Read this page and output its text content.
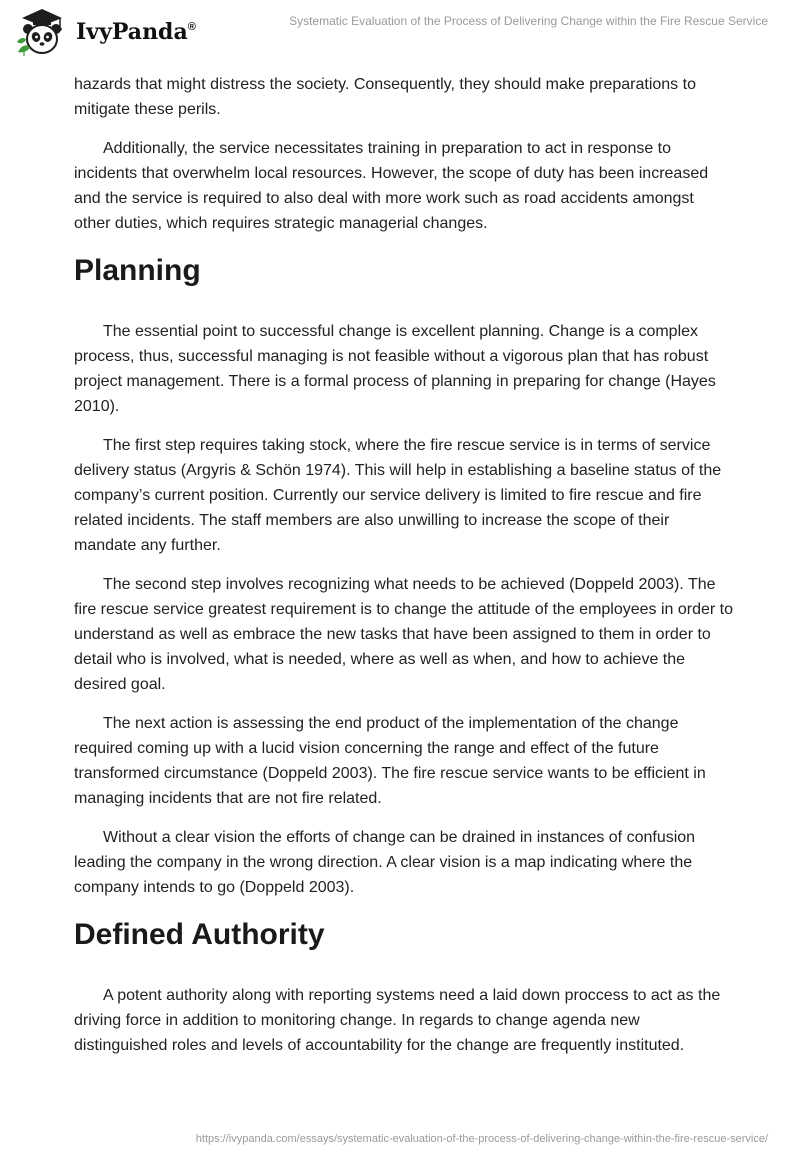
IvyPanda®	Systematic Evaluation of the Process of Delivering Change within the Fire Rescue Service

hazards that might distress the society. Consequently, they should make preparations to mitigate these perils.

Additionally, the service necessitates training in preparation to act in response to incidents that overwhelm local resources. However, the scope of duty has been increased and the service is required to also deal with more work such as road accidents amongst other duties, which requires strategic managerial changes.

Planning

The essential point to successful change is excellent planning. Change is a complex process, thus, successful managing is not feasible without a vigorous plan that has robust project management. There is a formal process of planning in preparing for change (Hayes 2010).

The first step requires taking stock, where the fire rescue service is in terms of service delivery status (Argyris & Schön 1974). This will help in establishing a baseline status of the company’s current position. Currently our service delivery is limited to fire rescue and fire related incidents. The staff members are also unwilling to increase the scope of their mandate any further.

The second step involves recognizing what needs to be achieved (Doppeld 2003). The fire rescue service greatest requirement is to change the attitude of the employees in order to understand as well as embrace the new tasks that have been assigned to them in order to detail who is involved, what is needed, where as well as when, and how to achieve the desired goal.

The next action is assessing the end product of the implementation of the change required coming up with a lucid vision concerning the range and effect of the future transformed circumstance (Doppeld 2003). The fire rescue service wants to be efficient in managing incidents that are not fire related.

Without a clear vision the efforts of change can be drained in instances of confusion leading the company in the wrong direction. A clear vision is a map indicating where the company intends to go (Doppeld 2003).

Defined Authority

A potent authority along with reporting systems need a laid down proccess to act as the driving force in addition to monitoring change. In regards to change agenda new distinguished roles and levels of accountability for the change are frequently instituted.

https://ivypanda.com/essays/systematic-evaluation-of-the-process-of-delivering-change-within-the-fire-rescue-service/
